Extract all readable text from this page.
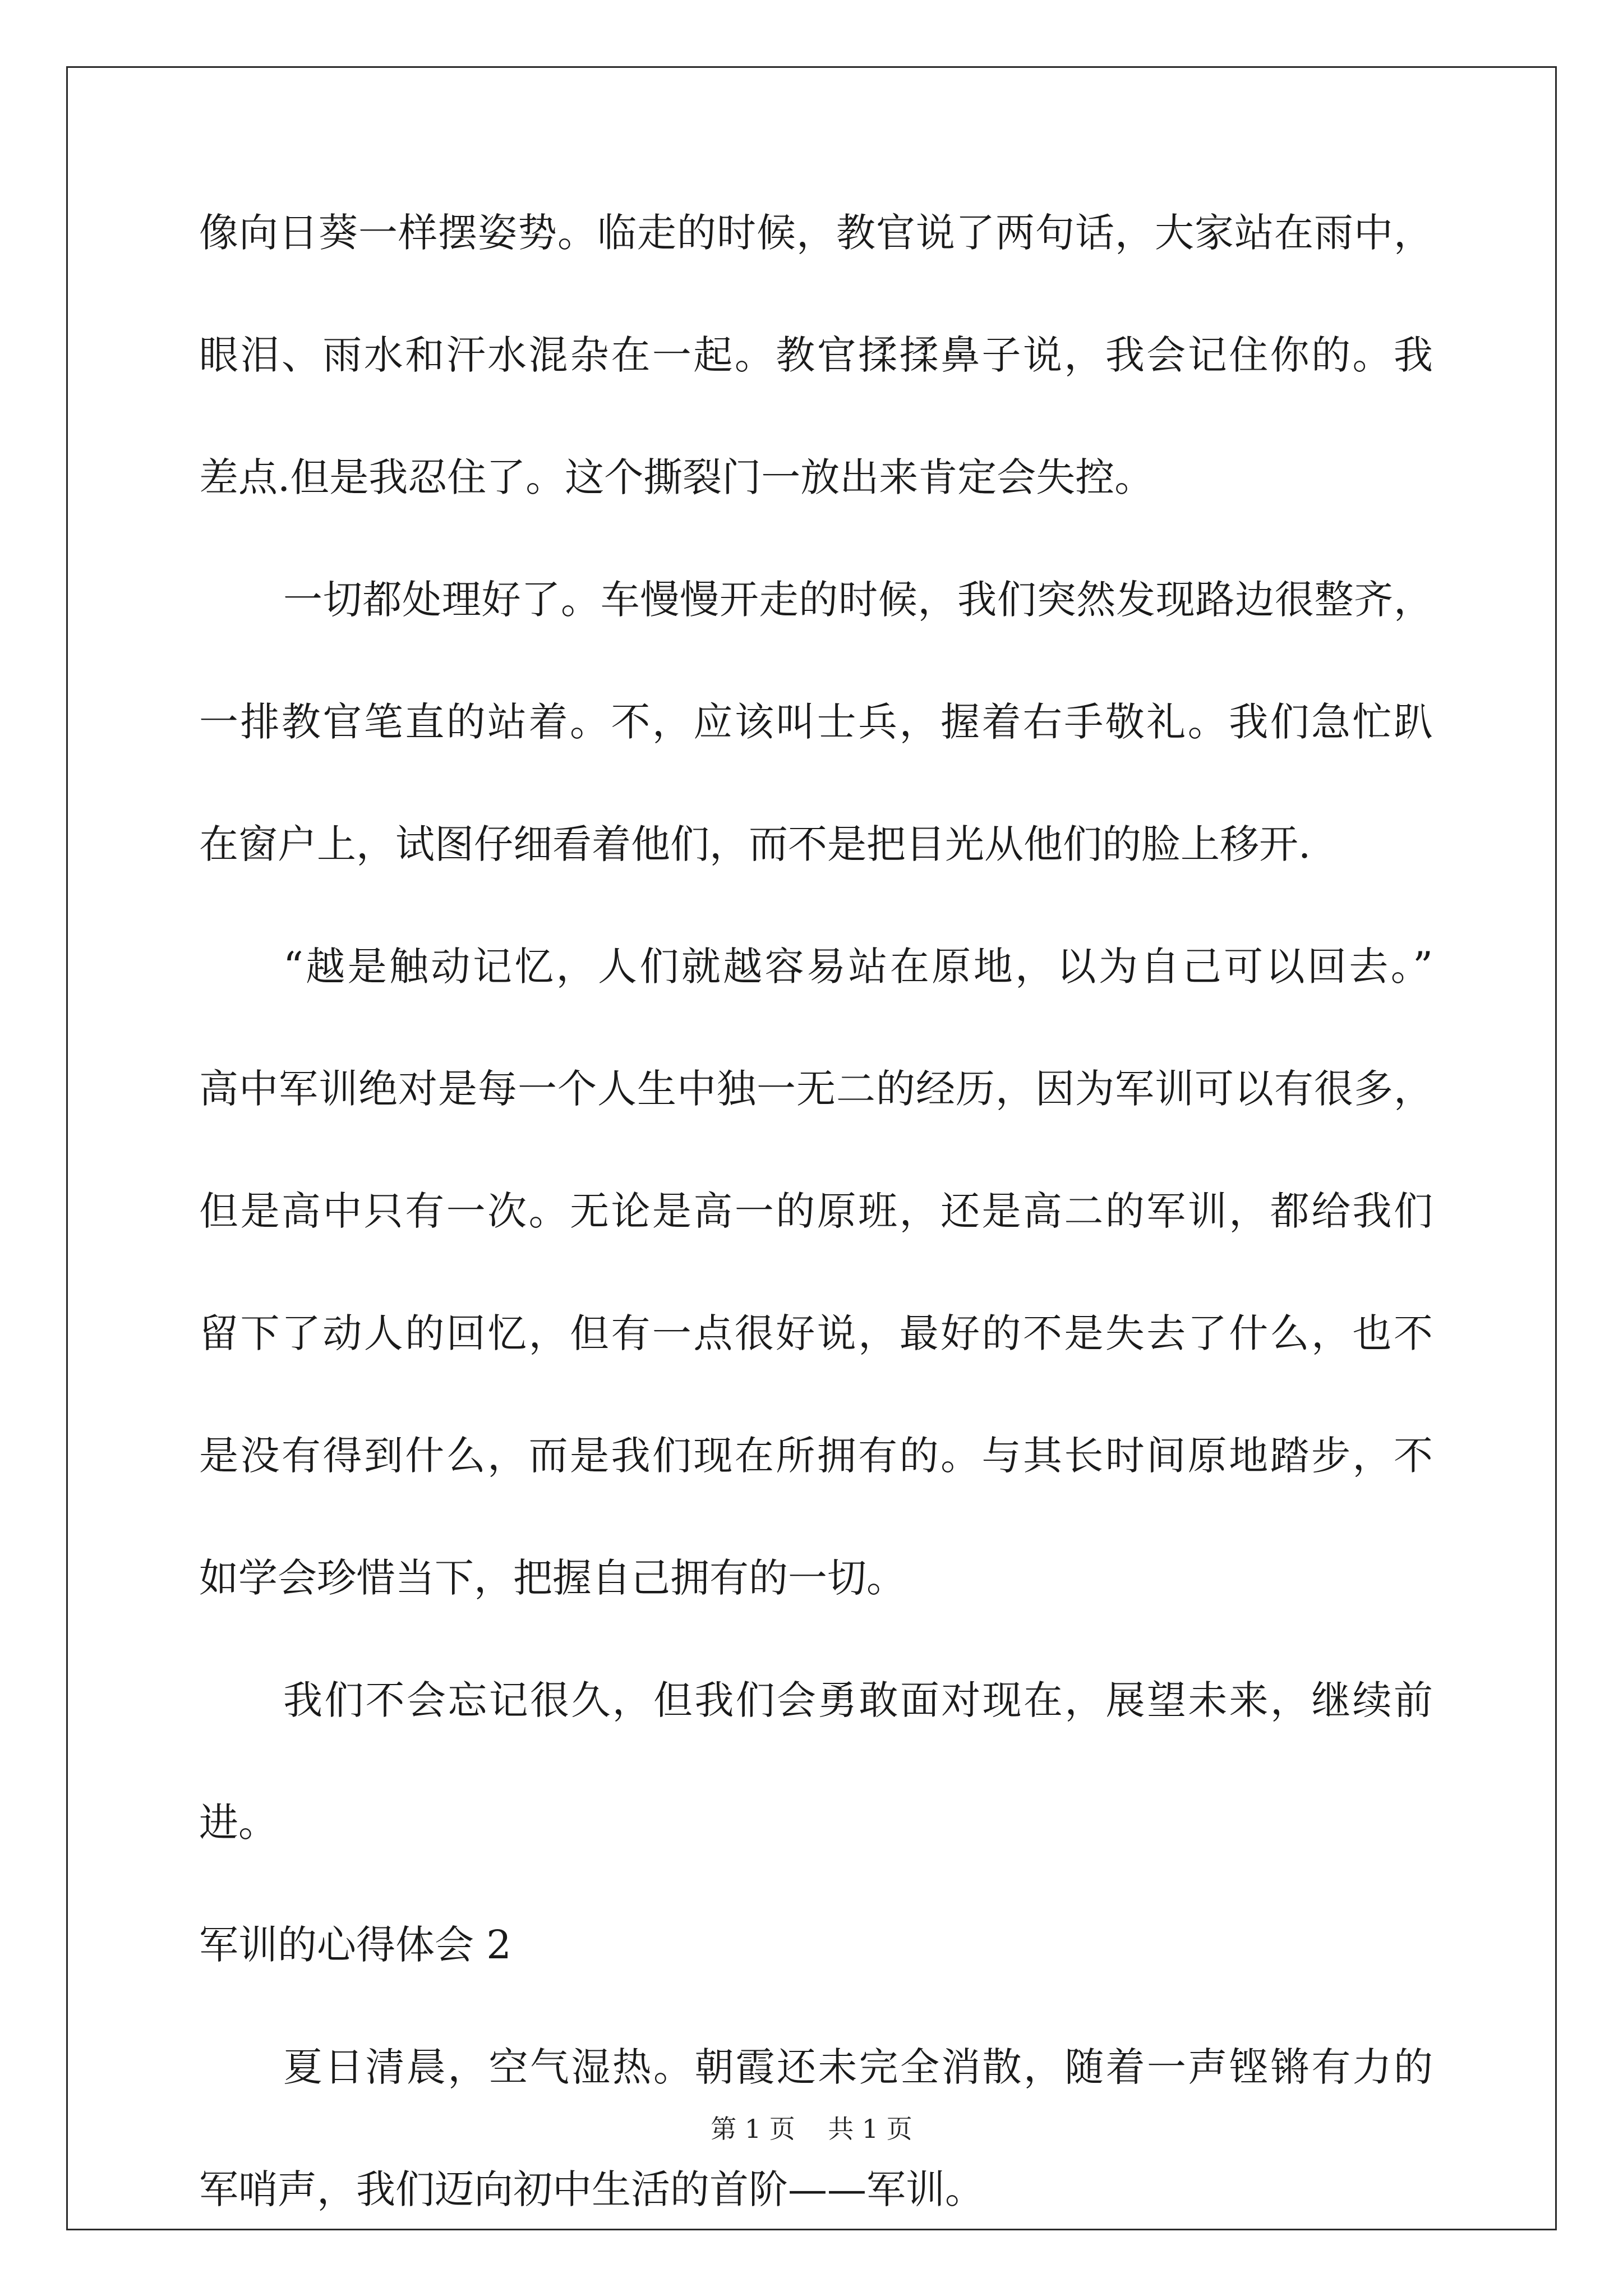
像向日葵一样摆姿势。临走的时候，教官说了两句话，大家站在雨中，
眼泪、雨水和汗水混杂在一起。教官揉揉鼻子说，我会记住你的。我
差点.但是我忍住了。这个撕裂门一放出来肯定会失控。
一切都处理好了。车慢慢开走的时候，我们突然发现路边很整齐，
一排教官笔直的站着。不，应该叫士兵，握着右手敬礼。我们急忙趴
在窗户上，试图仔细看着他们，而不是把目光从他们的脸上移开.
“越是触动记忆，人们就越容易站在原地，以为自己可以回去。”
高中军训绝对是每一个人生中独一无二的经历，因为军训可以有很多，
但是高中只有一次。无论是高一的原班，还是高二的军训，都给我们
留下了动人的回忆，但有一点很好说，最好的不是失去了什么，也不
是没有得到什么，而是我们现在所拥有的。与其长时间原地踏步，不
如学会珍惜当下，把握自己拥有的一切。
我们不会忘记很久，但我们会勇敢面对现在，展望未来，继续前
进。
军训的心得体会 2
夏日清晨，空气湿热。朝霞还未完全消散，随着一声铿锵有力的
军哨声，我们迈向初中生活的首阶——军训。
第 1 页 共 1 页
